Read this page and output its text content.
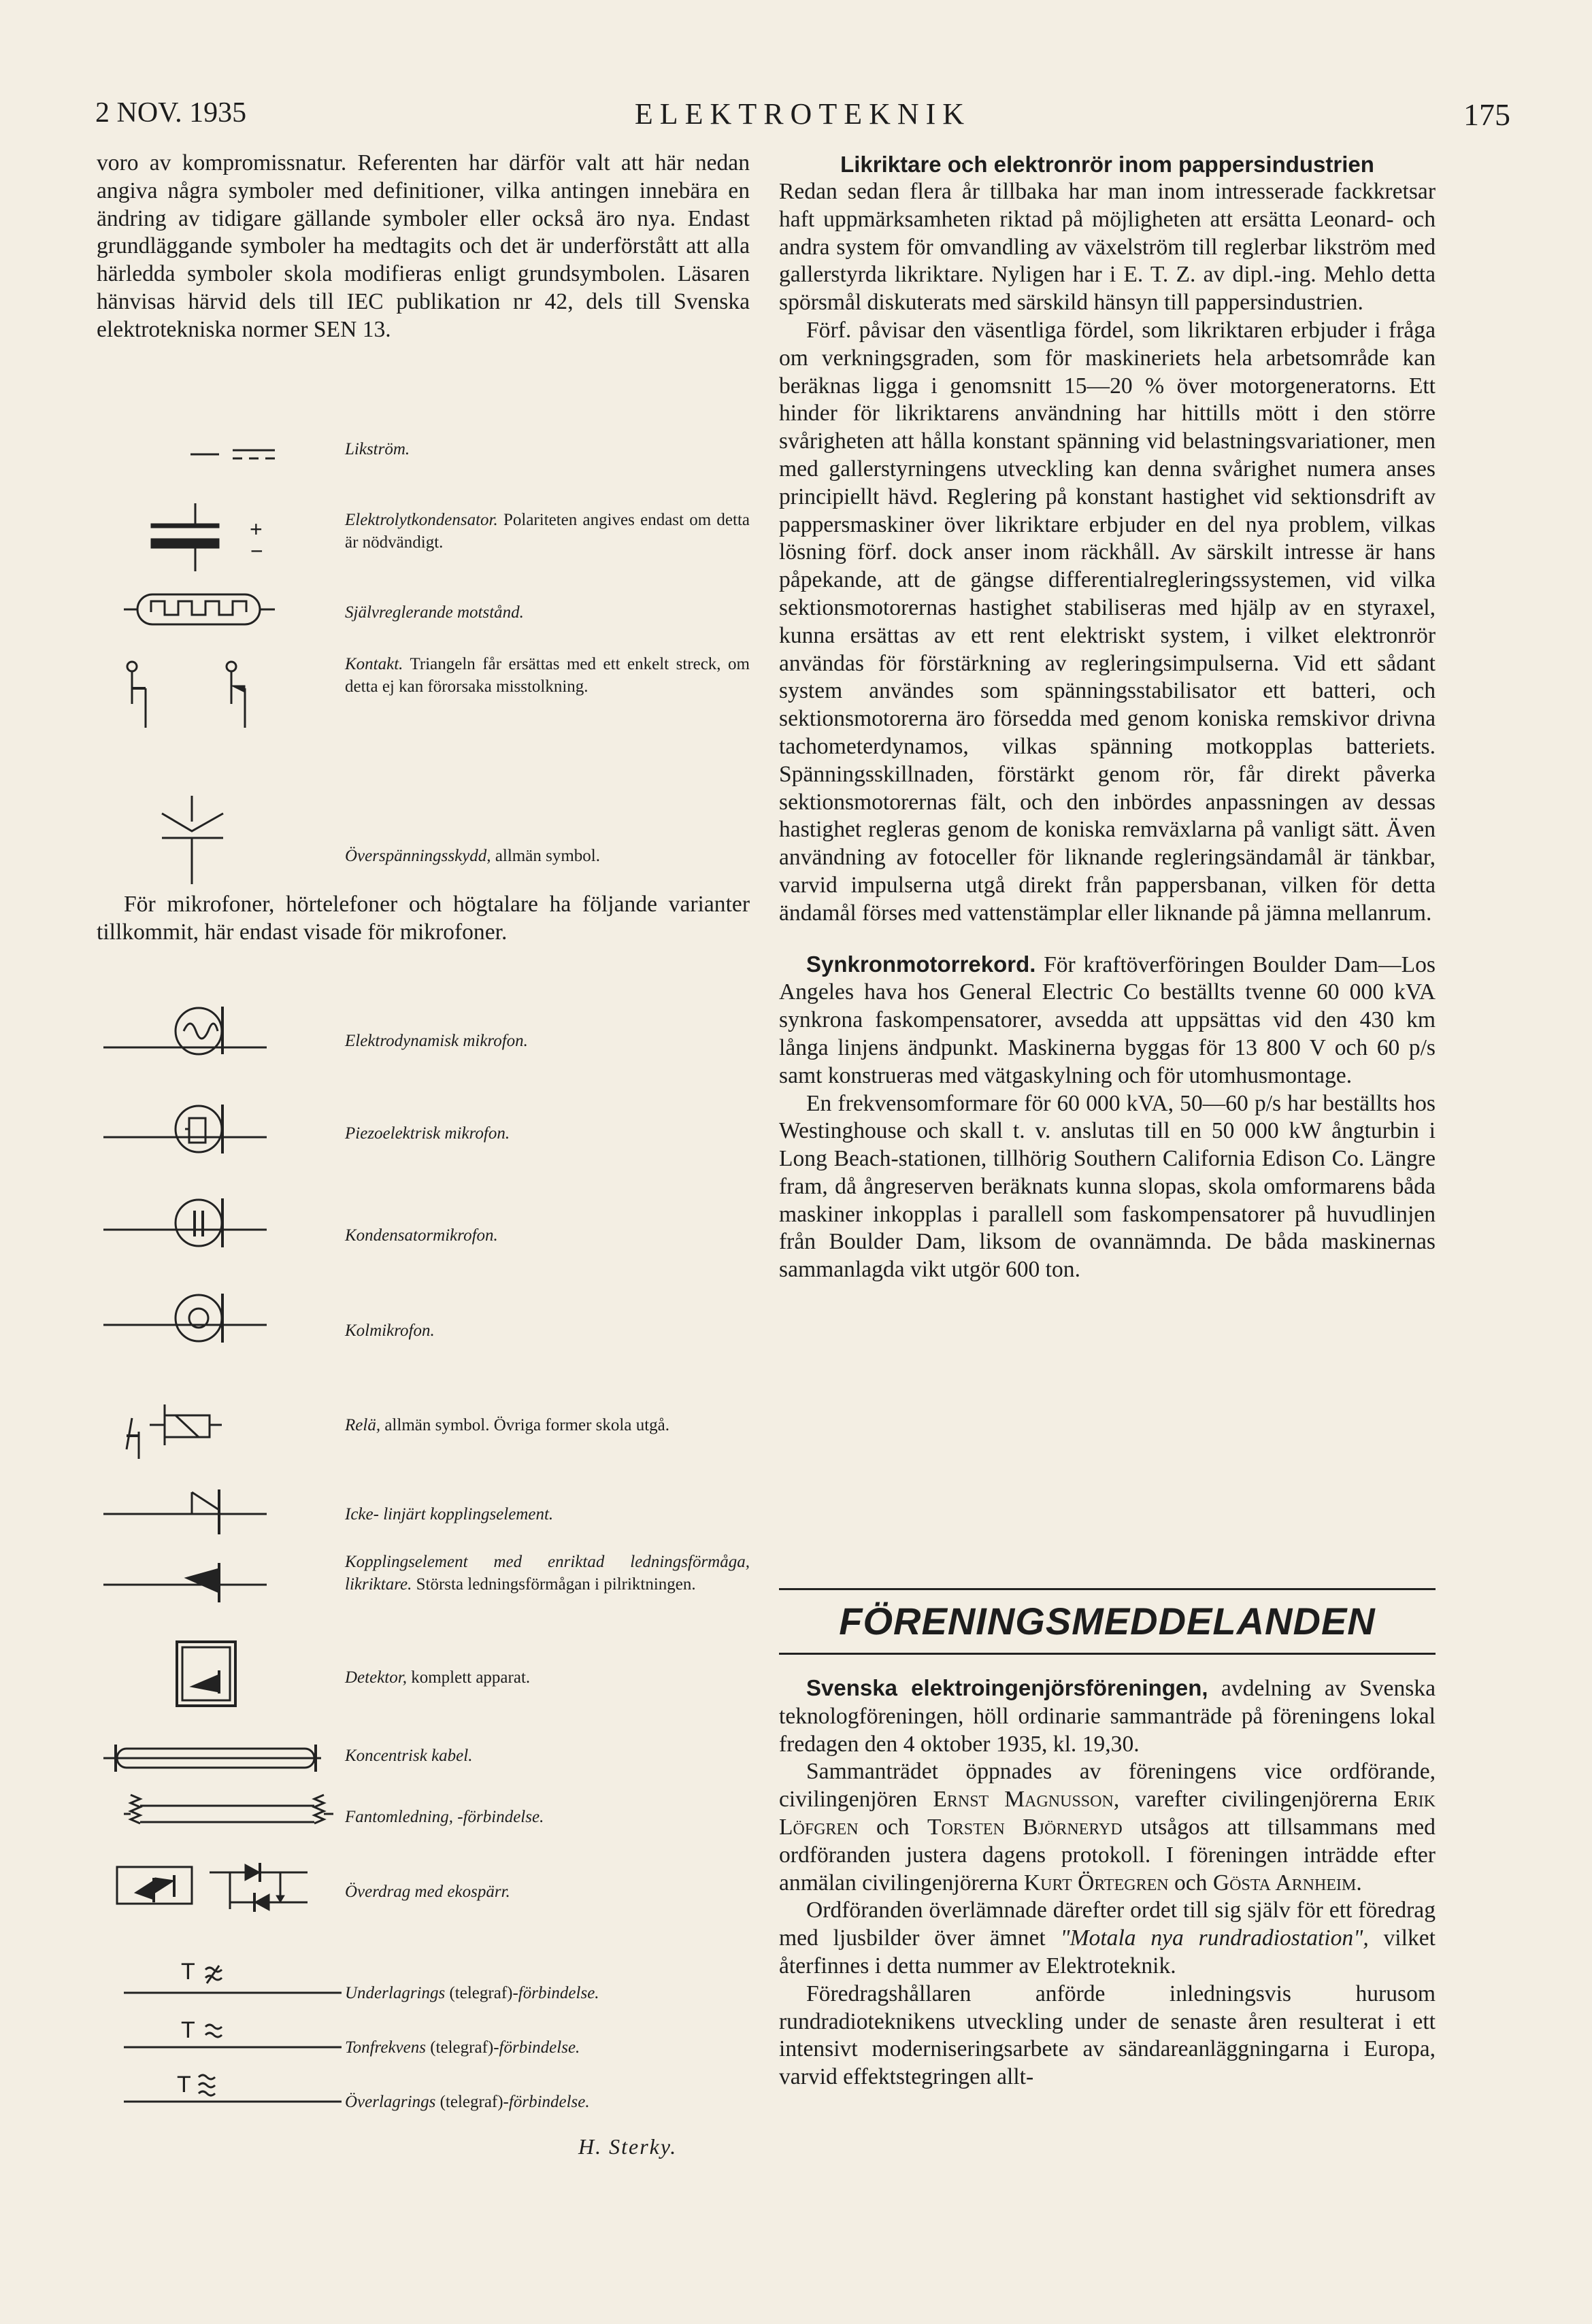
2 NOV. 1935	ELEKTROTEKNIK	175

voro av kompromissnatur. Referenten har därför valt att här nedan angiva några symboler med definitioner, vilka antingen innebära en ändring av tidigare gällande symboler eller också äro nya. Endast grundläggande symboler ha medtagits och det är underförstått att alla härledda symboler skola modifieras enligt grundsymbolen. Läsaren hänvisas härvid dels till IEC publikation nr 42, dels till Svenska elektrotekniska normer SEN 13.

Likström.
+
−
Elektrolytkondensator. Polariteten angives endast om detta är nödvändigt.
Självreglerande motstånd.
Kontakt. Triangeln får ersättas med ett enkelt streck, om detta ej kan förorsaka misstolkning.
Överspänningsskydd, allmän symbol.

För mikrofoner, hörtelefoner och högtalare ha följande varianter tillkommit, här endast visade för mikrofoner.

Elektrodynamisk mikrofon.
Piezoelektrisk mikrofon.
Kondensatormikrofon.
Kolmikrofon.
Relä, allmän symbol. Övriga former skola utgå.
Icke- linjärt kopplingselement.
Kopplingselement med enriktad ledningsförmåga, likriktare. Största ledningsförmågan i pilriktningen.
Detektor, komplett apparat.
Koncentrisk kabel.
Fantomledning, -förbindelse.
Överdrag med ekospärr.
T
Underlagrings (telegraf)-förbindelse.
T
Tonfrekvens (telegraf)-förbindelse.
T
Överlagrings (telegraf)-förbindelse.
H. Sterky.
Likriktare och elektronrör inom pappersindustrien

Redan sedan flera år tillbaka har man inom intresserade fackkretsar haft uppmärksamheten riktad på möjligheten att ersätta Leonard- och andra system för omvandling av växelström till reglerbar likström med gallerstyrda likriktare. Nyligen har i E. T. Z. av dipl.-ing. Mehlo detta spörsmål diskuterats med särskild hänsyn till pappersindustrien.

Förf. påvisar den väsentliga fördel, som likriktaren erbjuder i fråga om verkningsgraden, som för maskineriets hela arbetsområde kan beräknas ligga i genomsnitt 15—20 % över motorgeneratorns. Ett hinder för likriktarens användning har hittills mött i den större svårigheten att hålla konstant spänning vid belastningsvariationer, men med gallerstyrningens utveckling kan denna svårighet numera anses principiellt hävd. Reglering på konstant hastighet vid sektionsdrift av pappersmaskiner över likriktare erbjuder en del nya problem, vilkas lösning förf. dock anser inom räckhåll. Av särskilt intresse är hans påpekande, att de gängse differentialregleringssystemen, vid vilka sektionsmotorernas hastighet stabiliseras med hjälp av en styraxel, kunna ersättas av ett rent elektriskt system, i vilket elektronrör användas för förstärkning av regleringsimpulserna. Vid ett sådant system användes som spänningsstabilisator ett batteri, och sektionsmotorerna äro försedda med genom koniska remskivor drivna tachometerdynamos, vilkas spänning motkopplas batteriets. Spänningsskillnaden, förstärkt genom rör, får direkt påverka sektionsmotorernas fält, och den inbördes anpassningen av dessas hastighet regleras genom de koniska remväxlarna på vanligt sätt. Även användning av fotoceller för liknande regleringsändamål är tänkbar, varvid impulserna utgå direkt från pappersbanan, vilken för detta ändamål förses med vattenstämplar eller liknande på jämna mellanrum.

Synkronmotorrekord. För kraftöverföringen Boulder Dam—Los Angeles hava hos General Electric Co beställts tvenne 60 000 kVA synkrona faskompensatorer, avsedda att uppsättas vid den 430 km långa linjens ändpunkt. Maskinerna byggas för 13 800 V och 60 p/s samt konstrueras med vätgaskylning och för utomhusmontage.

En frekvensomformare för 60 000 kVA, 50—60 p/s har beställts hos Westinghouse och skall t. v. anslutas till en 50 000 kW ångturbin i Long Beach-stationen, tillhörig Southern California Edison Co. Längre fram, då ångreserven beräknats kunna slopas, skola omformarens båda maskiner inkopplas i parallell som faskompensatorer på huvudlinjen från Boulder Dam, liksom de ovannämnda. De båda maskinernas sammanlagda vikt utgör 600 ton.

FÖRENINGSMEDDELANDEN

Svenska elektroingenjörsföreningen, avdelning av Svenska teknologföreningen, höll ordinarie sammanträde på föreningens lokal fredagen den 4 oktober 1935, kl. 19,30.

Sammanträdet öppnades av föreningens vice ordförande, civilingenjören Ernst Magnusson, varefter civilingenjörerna Erik Löfgren och Torsten Björneryd utsågos att tillsammans med ordföranden justera dagens protokoll. I föreningen inträdde efter anmälan civilingenjörerna Kurt Örtegren och Gösta Arnheim.

Ordföranden överlämnade därefter ordet till sig själv för ett föredrag med ljusbilder över ämnet "Motala nya rundradiostation", vilket återfinnes i detta nummer av Elektroteknik.

Föredragshållaren anförde inledningsvis hurusom rundradioteknikens utveckling under de senaste åren resulterat i ett intensivt moderniseringsarbete av sändareanläggningarna i Europa, varvid effektstegringen allt-
